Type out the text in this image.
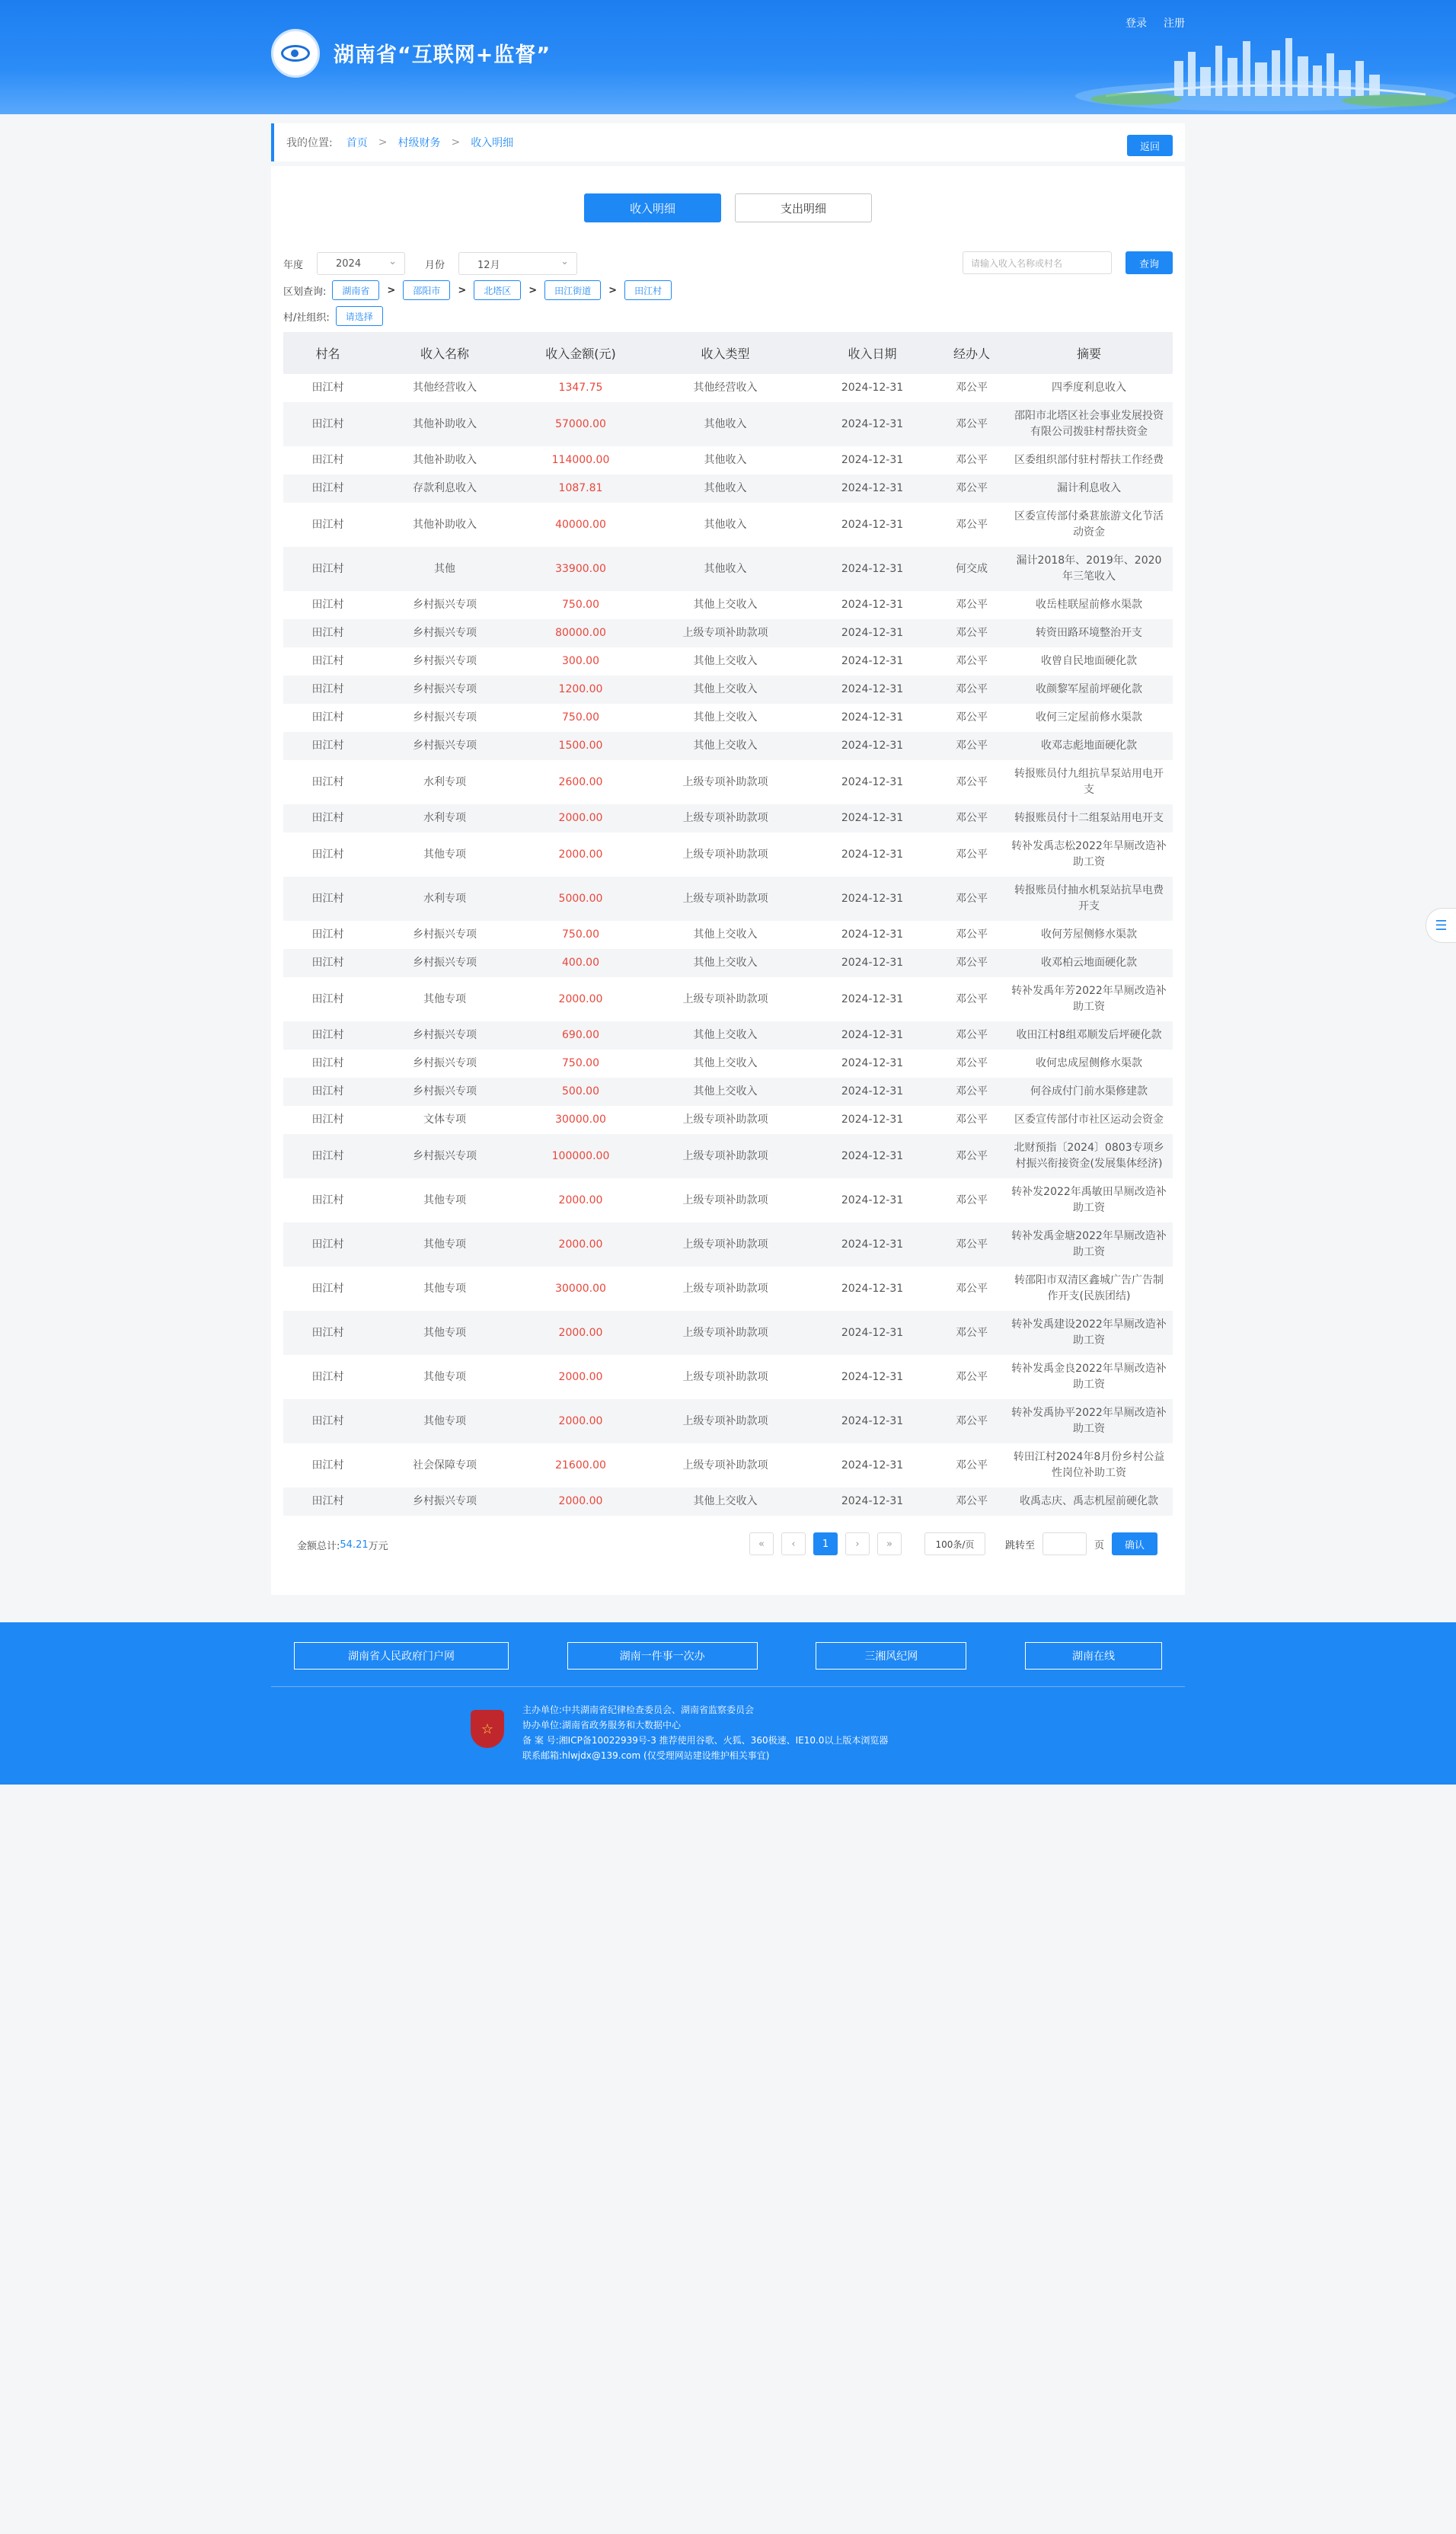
湖南省“互联网+监督”
登录 注册
我的位置: 首页 > 村级财务 > 收入明细	返回
收入明细	支出明细
年度	2024	⌄	月份	12月	⌄	请输入收入名称或村名	查询
区划查询:	湖南省	>	邵阳市	>	北塔区	>	田江街道	>	田江村
村/社组织:	请选择
村名	收入名称	收入金额(元)	收入类型	收入日期	经办人	摘要
田江村	其他经营收入	1347.75	其他经营收入	2024-12-31	邓公平	四季度利息收入
田江村	其他补助收入	57000.00	其他收入	2024-12-31	邓公平	邵阳市北塔区社会事业发展投资有限公司拨驻村帮扶资金
田江村	其他补助收入	114000.00	其他收入	2024-12-31	邓公平	区委组织部付驻村帮扶工作经费
田江村	存款利息收入	1087.81	其他收入	2024-12-31	邓公平	漏计利息收入
田江村	其他补助收入	40000.00	其他收入	2024-12-31	邓公平	区委宣传部付桑葚旅游文化节活动资金
田江村	其他	33900.00	其他收入	2024-12-31	何交成	漏计2018年、2019年、2020年三笔收入
田江村	乡村振兴专项	750.00	其他上交收入	2024-12-31	邓公平	收岳桂联屋前修水渠款
田江村	乡村振兴专项	80000.00	上级专项补助款项	2024-12-31	邓公平	转资田路环境整治开支
田江村	乡村振兴专项	300.00	其他上交收入	2024-12-31	邓公平	收曾自民地面硬化款
田江村	乡村振兴专项	1200.00	其他上交收入	2024-12-31	邓公平	收颜黎军屋前坪硬化款
田江村	乡村振兴专项	750.00	其他上交收入	2024-12-31	邓公平	收何三定屋前修水渠款
田江村	乡村振兴专项	1500.00	其他上交收入	2024-12-31	邓公平	收邓志彪地面硬化款
田江村	水利专项	2600.00	上级专项补助款项	2024-12-31	邓公平	转报账员付九组抗旱泵站用电开支
田江村	水利专项	2000.00	上级专项补助款项	2024-12-31	邓公平	转报账员付十二组泵站用电开支
田江村	其他专项	2000.00	上级专项补助款项	2024-12-31	邓公平	转补发禹志松2022年旱厕改造补助工资
田江村	水利专项	5000.00	上级专项补助款项	2024-12-31	邓公平	转报账员付抽水机泵站抗旱电费开支
田江村	乡村振兴专项	750.00	其他上交收入	2024-12-31	邓公平	收何芳屋侧修水渠款
田江村	乡村振兴专项	400.00	其他上交收入	2024-12-31	邓公平	收邓柏云地面硬化款
田江村	其他专项	2000.00	上级专项补助款项	2024-12-31	邓公平	转补发禹年芳2022年旱厕改造补助工资
田江村	乡村振兴专项	690.00	其他上交收入	2024-12-31	邓公平	收田江村8组邓顺发后坪硬化款
田江村	乡村振兴专项	750.00	其他上交收入	2024-12-31	邓公平	收何忠成屋侧修水渠款
田江村	乡村振兴专项	500.00	其他上交收入	2024-12-31	邓公平	何谷成付门前水渠修建款
田江村	文体专项	30000.00	上级专项补助款项	2024-12-31	邓公平	区委宣传部付市社区运动会资金
田江村	乡村振兴专项	100000.00	上级专项补助款项	2024-12-31	邓公平	北财预指〔2024〕0803专项乡村振兴衔接资金(发展集体经济)
田江村	其他专项	2000.00	上级专项补助款项	2024-12-31	邓公平	转补发2022年禹敏田旱厕改造补助工资
田江村	其他专项	2000.00	上级专项补助款项	2024-12-31	邓公平	转补发禹金塘2022年旱厕改造补助工资
田江村	其他专项	30000.00	上级专项补助款项	2024-12-31	邓公平	转邵阳市双清区鑫城广告广告制作开支(民族团结)
田江村	其他专项	2000.00	上级专项补助款项	2024-12-31	邓公平	转补发禹建设2022年旱厕改造补助工资
田江村	其他专项	2000.00	上级专项补助款项	2024-12-31	邓公平	转补发禹金良2022年旱厕改造补助工资
田江村	其他专项	2000.00	上级专项补助款项	2024-12-31	邓公平	转补发禹协平2022年旱厕改造补助工资
田江村	社会保障专项	21600.00	上级专项补助款项	2024-12-31	邓公平	转田江村2024年8月份乡村公益性岗位补助工资
田江村	乡村振兴专项	2000.00	其他上交收入	2024-12-31	邓公平	收禹志庆、禹志机屋前硬化款
金额总计: 54.21 万元	«	‹	1	›	»	100条/页	跳转至	页	确认
湖南省人民政府门户网	湖南一件事一次办	三湘风纪网	湖南在线
☆
主办单位:中共湖南省纪律检查委员会、湖南省监察委员会
协办单位:湖南省政务服务和大数据中心
备 案 号:湘ICP备10022939号-3 推荐使用谷歌、火狐、360极速、IE10.0以上版本浏览器
联系邮箱:hlwjdx@139.com (仅受理网站建设维护相关事宜)
☰
